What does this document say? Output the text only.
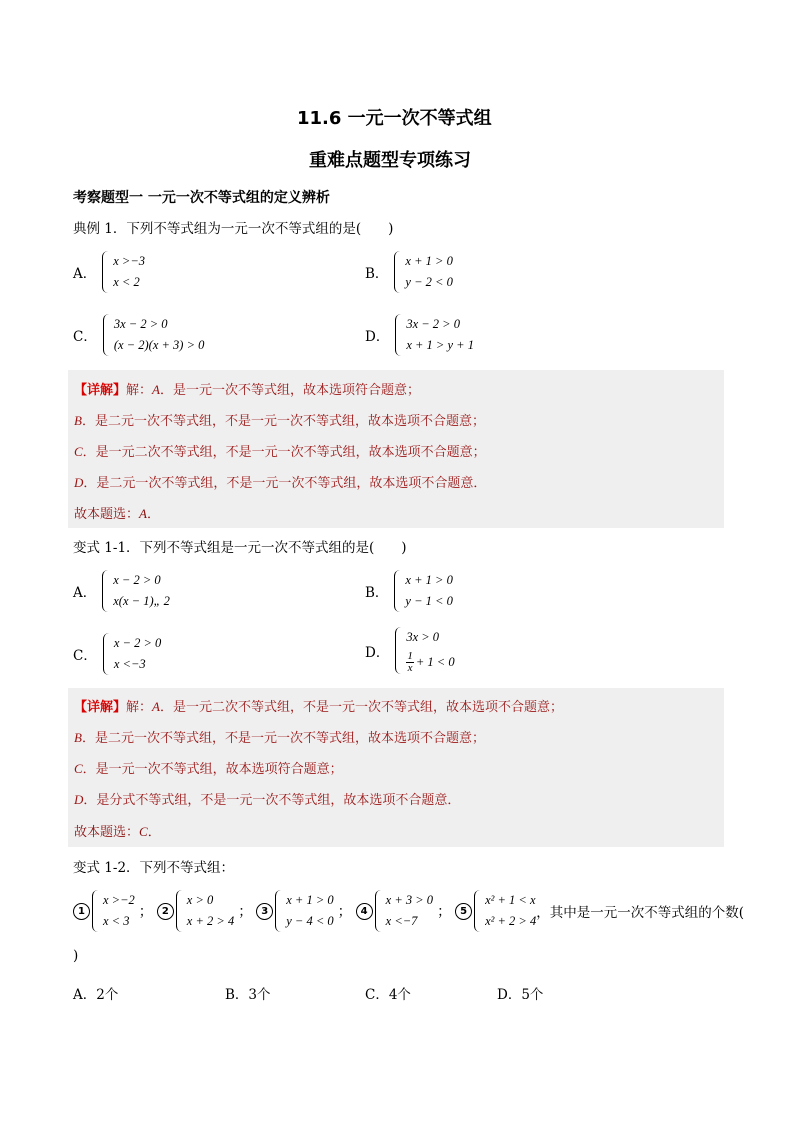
11.6 一元一次不等式组
重难点题型专项练习
考察题型一 一元一次不等式组的定义辨析
典例 1．下列不等式组为一元一次不等式组的是(　　)
A．
x >−3
x < 2	B．
x + 1 > 0
y − 2 < 0
C．
3x − 2 > 0
(x − 2)(x + 3) > 0	D．
3x − 2 > 0
x + 1 > y + 1
【详解】解：A．是一元一次不等式组，故本选项符合题意；
B．是二元一次不等式组，不是一元一次不等式组，故本选项不合题意；
C．是一元二次不等式组，不是一元一次不等式组，故本选项不合题意；
D．是二元一次不等式组，不是一元一次不等式组，故本选项不合题意．
故本题选：A．
变式 1-1．下列不等式组是一元一次不等式组的是(　　)
A．
x − 2 > 0
x(x − 1)„ 2	B．
x + 1 > 0
y − 1 < 0
C．
x − 2 > 0
x <−3
D．
3x > 0
$\frac{1}{x} + 1 < 0$
【详解】解：A．是一元二次不等式组，不是一元一次不等式组，故本选项不合题意；
B．是二元一次不等式组，不是一元一次不等式组，故本选项不合题意；
C．是一元一次不等式组，故本选项符合题意；
D．是分式不等式组，不是一元一次不等式组，故本选项不合题意．
故本题选：C．
变式 1-2．下列不等式组：
1
x >−2
x < 3
； 2
x > 0
x + 2 > 4
； 3
x + 1 > 0
y − 4 < 0
； 4
x + 3 > 0
x <−7
； 5
x² + 1 < x
x² + 2 > 4 ，其中是一元一次不等式组的个数(
)
A．2个	B．3个	C．4个	D．5个
